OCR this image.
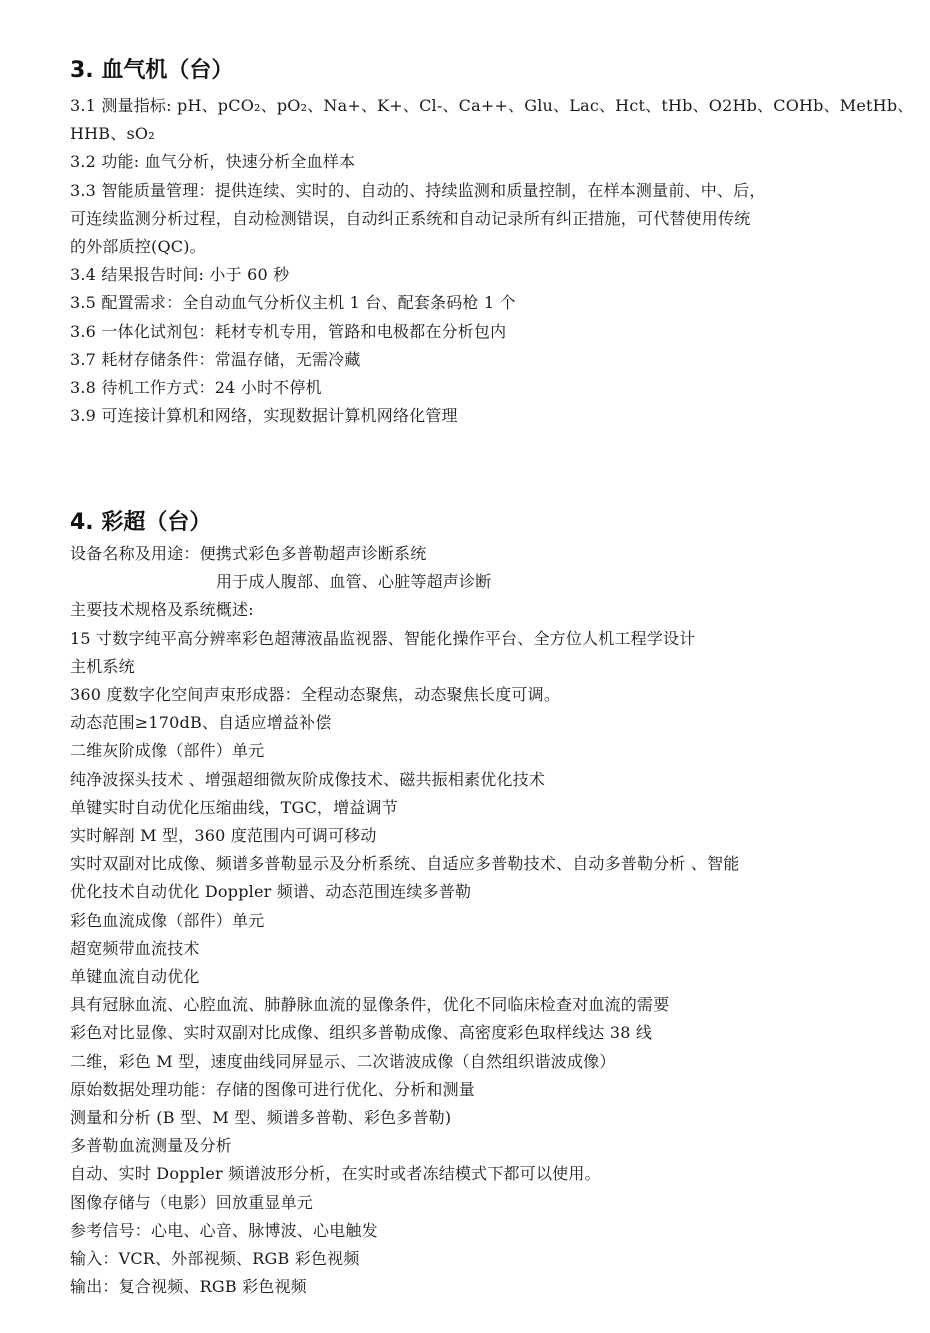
3. 血气机（台）
3.1 测量指标: pH、pCO₂、pO₂、Na+、K+、Cl-、Ca++、Glu、Lac、Hct、tHb、O2Hb、COHb、MetHb、
HHB、sO₂
3.2 功能: 血气分析，快速分析全血样本
3.3 智能质量管理：提供连续、实时的、自动的、持续监测和质量控制，在样本测量前、中、后，
可连续监测分析过程，自动检测错误，自动纠正系统和自动记录所有纠正措施，可代替使用传统
的外部质控(QC)。
3.4 结果报告时间: 小于 60 秒
3.5 配置需求：全自动血气分析仪主机 1 台、配套条码枪 1 个
3.6 一体化试剂包：耗材专机专用，管路和电极都在分析包内
3.7 耗材存储条件：常温存储，无需冷藏
3.8 待机工作方式：24 小时不停机
3.9 可连接计算机和网络，实现数据计算机网络化管理
4. 彩超（台）
设备名称及用途：便携式彩色多普勒超声诊断系统
用于成人腹部、血管、心脏等超声诊断
主要技术规格及系统概述:
15 寸数字纯平高分辨率彩色超薄液晶监视器、智能化操作平台、全方位人机工程学设计
主机系统
360 度数字化空间声束形成器：全程动态聚焦，动态聚焦长度可调。
动态范围≥170dB、自适应增益补偿
二维灰阶成像（部件）单元
纯净波探头技术 、增强超细微灰阶成像技术、磁共振相素优化技术
单键实时自动优化压缩曲线，TGC，增益调节
实时解剖 M 型，360 度范围内可调可移动
实时双副对比成像、频谱多普勒显示及分析系统、自适应多普勒技术、自动多普勒分析 、智能
优化技术自动优化 Doppler 频谱、动态范围连续多普勒
彩色血流成像（部件）单元
超宽频带血流技术
单键血流自动优化
具有冠脉血流、心腔血流、肺静脉血流的显像条件，优化不同临床检查对血流的需要
彩色对比显像、实时双副对比成像、组织多普勒成像、高密度彩色取样线达 38 线
二维，彩色 M 型，速度曲线同屏显示、二次谐波成像（自然组织谐波成像）
原始数据处理功能：存储的图像可进行优化、分析和测量
测量和分析 (B 型、M 型、频谱多普勒、彩色多普勒)
多普勒血流测量及分析
自动、实时 Doppler 频谱波形分析，在实时或者冻结模式下都可以使用。
图像存储与（电影）回放重显单元
参考信号：心电、心音、脉博波、心电触发
输入：VCR、外部视频、RGB 彩色视频
输出：复合视频、RGB 彩色视频
